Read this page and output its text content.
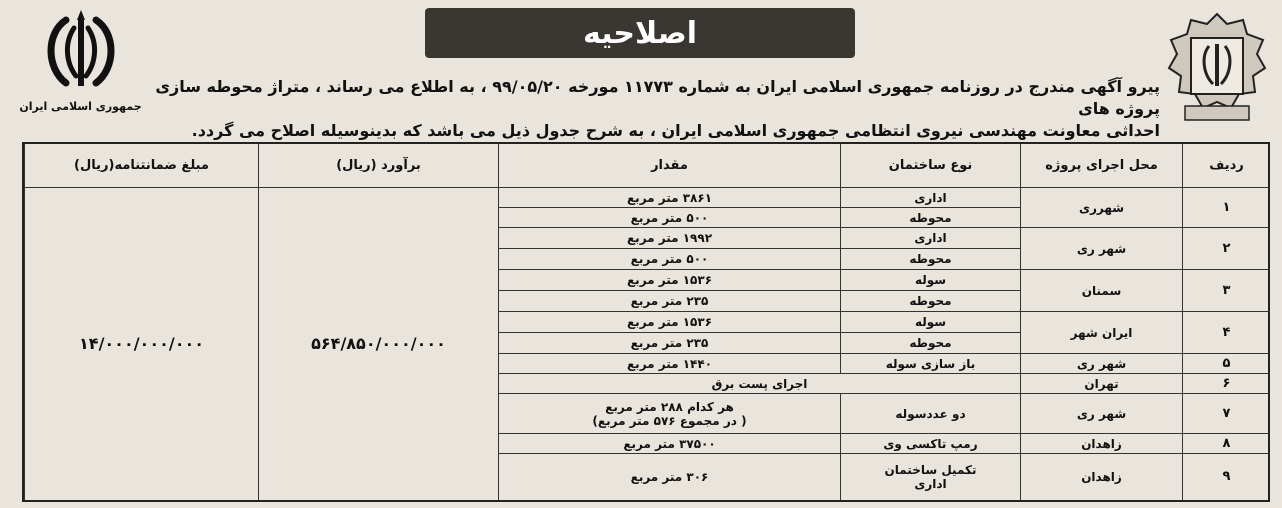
جمهوری اسلامی ایران
اصلاحیه
پیرو آگهی مندرج در روزنامه جمهوری اسلامی ایران به شماره ۱۱۷۷۳ مورخه ۹۹/۰۵/۲۰ ، به اطلاع می رساند ، متراژ محوطه سازی پروژه های
احداثی معاونت مهندسی نیروی انتظامی جمهوری اسلامی ایران ، به شرح جدول ذیل می باشد که بدینوسیله اصلاح می گردد.
ردیف
محل اجرای پروژه
نوع ساختمان
مقدار
برآورد (ریال)
مبلغ ضمانتنامه(ریال)
۵۶۴/۸۵۰/۰۰۰/۰۰۰
۱۴/۰۰۰/۰۰۰/۰۰۰
۱
شهرری
اداری
۳۸۶۱ متر مربع
محوطه
۵۰۰ متر مربع
۲
شهر ری
اداری
۱۹۹۲ متر مربع
محوطه
۵۰۰ متر مربع
۳
سمنان
سوله
۱۵۳۶ متر مربع
محوطه
۲۳۵ متر مربع
۴
ایران شهر
سوله
۱۵۳۶ متر مربع
محوطه
۲۳۵ متر مربع
۵
شهر ری
باز سازی سوله
۱۴۴۰ متر مربع
۶
تهران
اجرای پست برق
۷
شهر ری
دو عددسوله
هر کدام ۲۸۸ متر مربع
( در مجموع ۵۷۶ متر مربع)
۸
زاهدان
رمپ تاکسی وی
۳۷۵۰۰ متر مربع
۹
زاهدان
تکمیل ساختمان اداری
۳۰۶ متر مربع
